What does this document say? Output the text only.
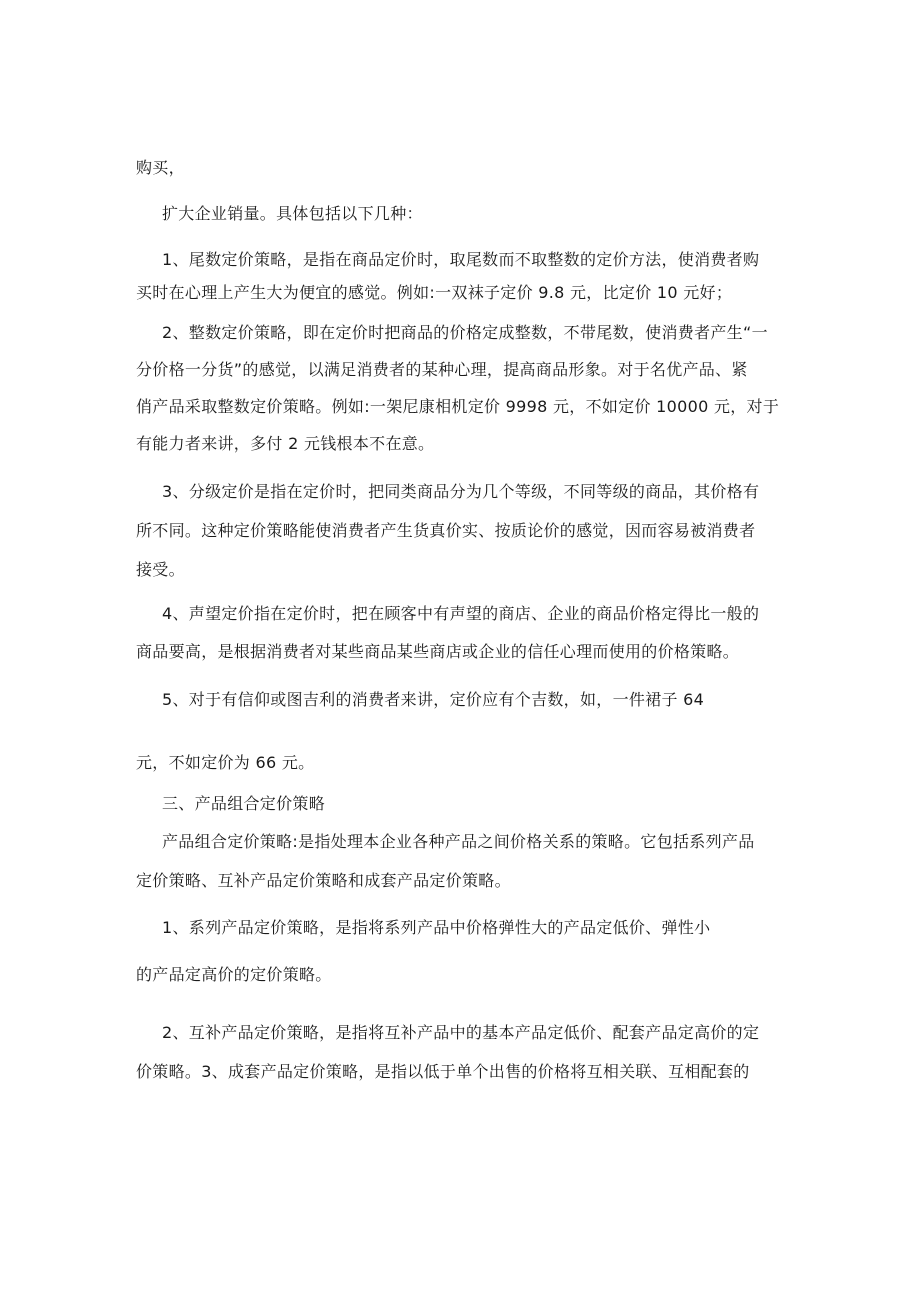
购买，

扩大企业销量。具体包括以下几种：

1、尾数定价策略，是指在商品定价时，取尾数而不取整数的定价方法，使消费者购

买时在心理上产生大为便宜的感觉。例如:一双袜子定价 9.8 元，比定价 10 元好；

2、整数定价策略，即在定价时把商品的价格定成整数，不带尾数，使消费者产生“一

分价格一分货”的感觉，以满足消费者的某种心理，提高商品形象。对于名优产品、紧

俏产品采取整数定价策略。例如:一架尼康相机定价 9998 元，不如定价 10000 元，对于

有能力者来讲，多付 2 元钱根本不在意。

3、分级定价是指在定价时，把同类商品分为几个等级，不同等级的商品，其价格有

所不同。这种定价策略能使消费者产生货真价实、按质论价的感觉，因而容易被消费者

接受。

4、声望定价指在定价时，把在顾客中有声望的商店、企业的商品价格定得比一般的

商品要高，是根据消费者对某些商品某些商店或企业的信任心理而使用的价格策略。

5、对于有信仰或图吉利的消费者来讲，定价应有个吉数，如，一件裙子 64

元，不如定价为 66 元。

三、产品组合定价策略

产品组合定价策略:是指处理本企业各种产品之间价格关系的策略。它包括系列产品

定价策略、互补产品定价策略和成套产品定价策略。

1、系列产品定价策略，是指将系列产品中价格弹性大的产品定低价、弹性小

的产品定高价的定价策略。

2、互补产品定价策略，是指将互补产品中的基本产品定低价、配套产品定高价的定

价策略。3、成套产品定价策略，是指以低于单个出售的价格将互相关联、互相配套的
